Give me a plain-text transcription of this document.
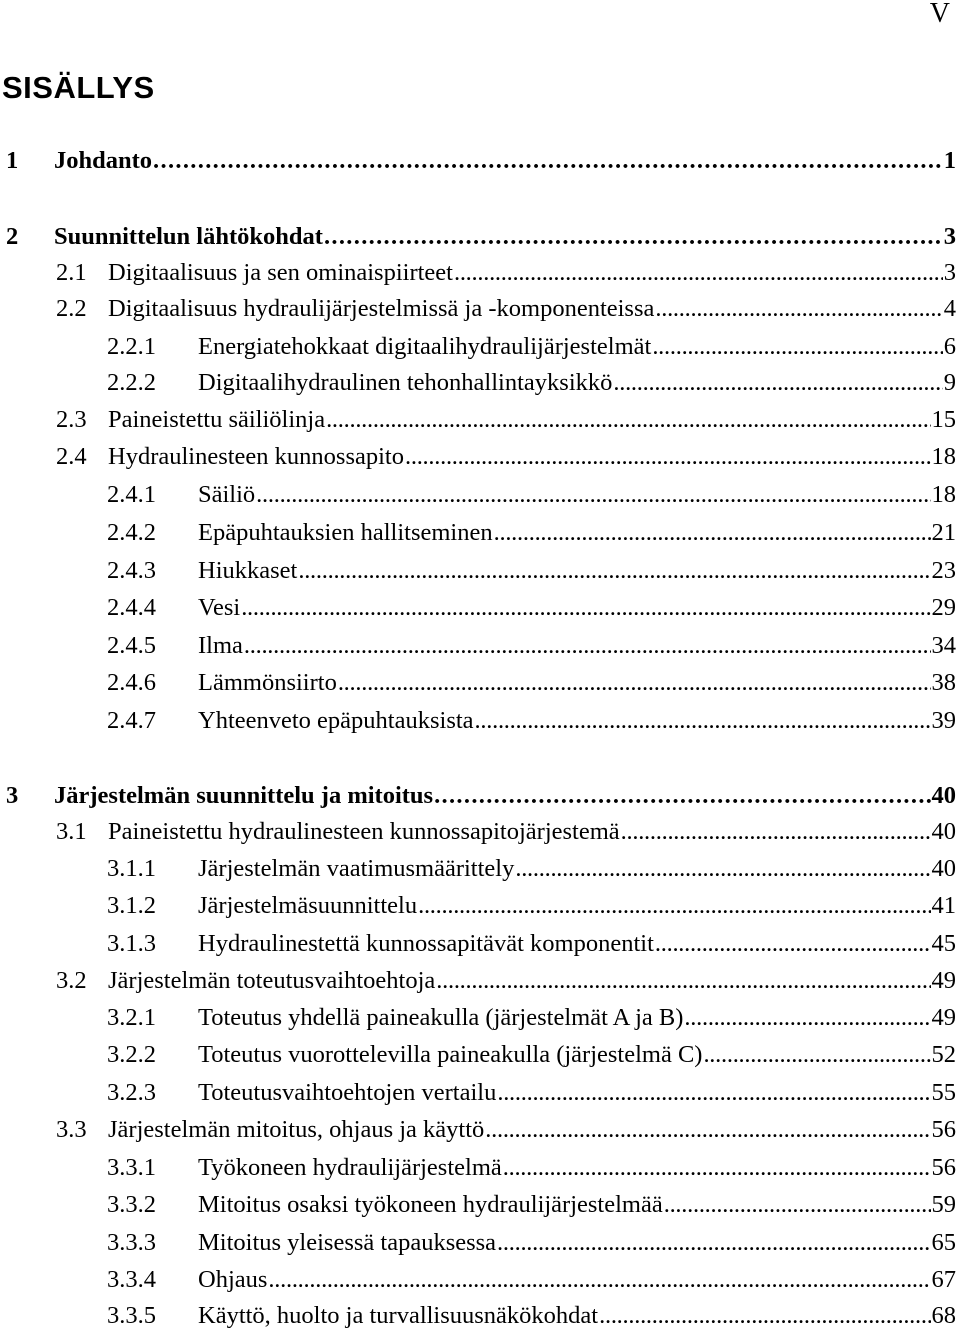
V
SISÄLLYS
1	Johdanto . . .	1
2	Suunnittelun lähtökohdat . . .	3
2.1 Digitaalisuus ja sen ominaispiirteet . . .	3
2.2 Digitaalisuus hydraulijärjestelmissä ja -komponenteissa . . .	4
2.2.1	Energiatehokkaat digitaalihydraulijärjestelmät . . .	6
2.2.2	Digitaalihydraulinen tehonhallintayksikkö . . .	9
2.3 Paineistettu säiliölinja . . .	15
2.4 Hydraulinesteen kunnossapito . . .	18
2.4.1	Säiliö . . .	18
2.4.2	Epäpuhtauksien hallitseminen . . .	21
2.4.3	Hiukkaset . . .	23
2.4.4	Vesi . . .	29
2.4.5	Ilma . . .	34
2.4.6	Lämmönsiirto . . .	38
2.4.7	Yhteenveto epäpuhtauksista . . .	39
3	Järjestelmän suunnittelu ja mitoitus . . .	40
3.1 Paineistettu hydraulinesteen kunnossapitojärjestemä . . .	40
3.1.1	Järjestelmän vaatimusmäärittely . . .	40
3.1.2	Järjestelmäsuunnittelu . . .	41
3.1.3	Hydraulinestettä kunnossapitävät komponentit . . .	45
3.2 Järjestelmän toteutusvaihtoehtoja . . .	49
3.2.1	Toteutus yhdellä paineakulla (järjestelmät A ja B) . . .	49
3.2.2	Toteutus vuorottelevilla paineakulla (järjestelmä C) . . .	52
3.2.3	Toteutusvaihtoehtojen vertailu . . .	55
3.3 Järjestelmän mitoitus, ohjaus ja käyttö . . .	56
3.3.1	Työkoneen hydraulijärjestelmä . . .	56
3.3.2	Mitoitus osaksi työkoneen hydraulijärjestelmää . . .	59
3.3.3	Mitoitus yleisessä tapauksessa . . .	65
3.3.4	Ohjaus . . .	67
3.3.5	Käyttö, huolto ja turvallisuusnäkökohdat . . .	68
